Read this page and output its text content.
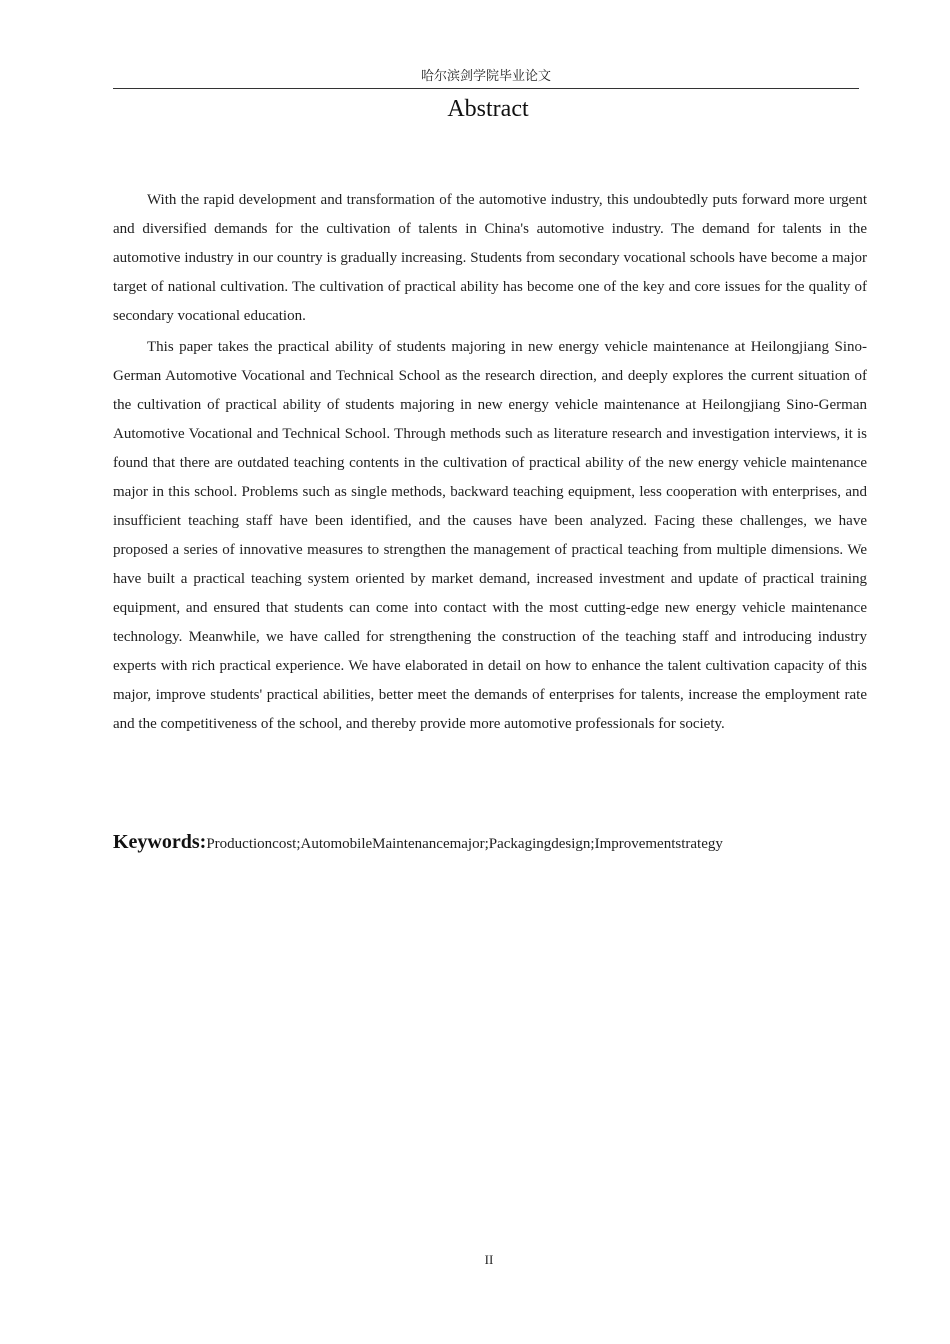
哈尔滨剑学院毕业论文
Abstract

With the rapid development and transformation of the automotive industry, this undoubtedly puts forward more urgent and diversified demands for the cultivation of talents in China's automotive industry. The demand for talents in the automotive industry in our country is gradually increasing. Students from secondary vocational schools have become a major target of national cultivation. The cultivation of practical ability has become one of the key and core issues for the quality of secondary vocational education.

This paper takes the practical ability of students majoring in new energy vehicle maintenance at Heilongjiang Sino-German Automotive Vocational and Technical School as the research direction, and deeply explores the current situation of the cultivation of practical ability of students majoring in new energy vehicle maintenance at Heilongjiang Sino-German Automotive Vocational and Technical School. Through methods such as literature research and investigation interviews, it is found that there are outdated teaching contents in the cultivation of practical ability of the new energy vehicle maintenance major in this school. Problems such as single methods, backward teaching equipment, less cooperation with enterprises, and insufficient teaching staff have been identified, and the causes have been analyzed. Facing these challenges, we have proposed a series of innovative measures to strengthen the management of practical teaching from multiple dimensions. We have built a practical teaching system oriented by market demand, increased investment and update of practical training equipment, and ensured that students can come into contact with the most cutting-edge new energy vehicle maintenance technology. Meanwhile, we have called for strengthening the construction of the teaching staff and introducing industry experts with rich practical experience. We have elaborated in detail on how to enhance the talent cultivation capacity of this major, improve students' practical abilities, better meet the demands of enterprises for talents, increase the employment rate and the competitiveness of the school, and thereby provide more automotive professionals for society.

Keywords:Productioncost;AutomobileMaintenancemajor;Packagingdesign;Improvementstrategy
II
